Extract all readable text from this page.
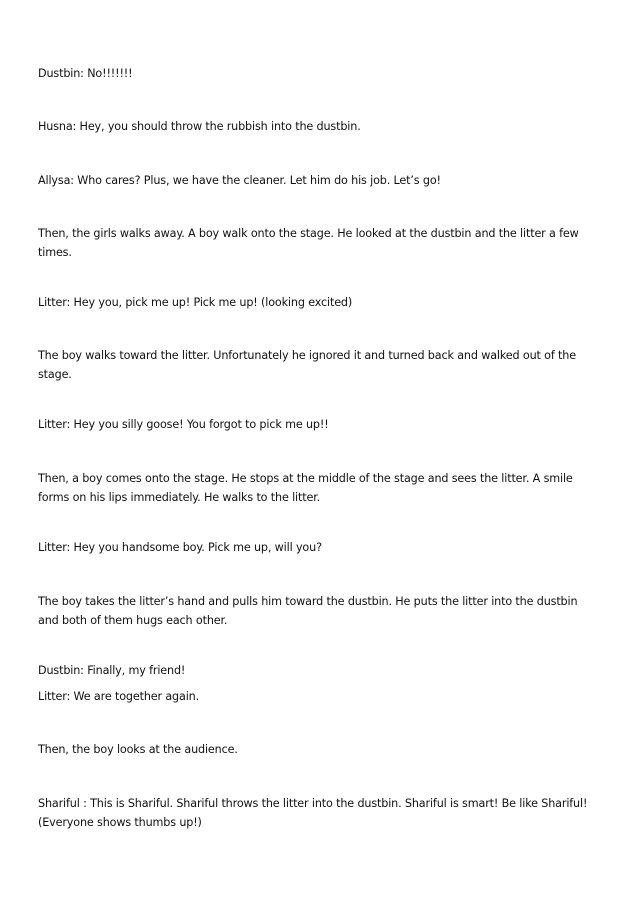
Dustbin: No!!!!!!!

Husna: Hey, you should throw the rubbish into the dustbin.

Allysa: Who cares? Plus, we have the cleaner. Let him do his job. Let’s go!

Then, the girls walks away. A boy walk onto the stage. He looked at the dustbin and the litter a few times.

Litter: Hey you, pick me up! Pick me up! (looking excited)

The boy walks toward the litter. Unfortunately he ignored it and turned back and walked out of the stage.

Litter: Hey you silly goose! You forgot to pick me up!!

Then, a boy comes onto the stage. He stops at the middle of the stage and sees the litter. A smile forms on his lips immediately. He walks to the litter.

Litter: Hey you handsome boy. Pick me up, will you?

The boy takes the litter’s hand and pulls him toward the dustbin. He puts the litter into the dustbin and both of them hugs each other.

Dustbin: Finally, my friend!

Litter: We are together again.

Then, the boy looks at the audience.

Shariful : This is Shariful. Shariful throws the litter into the dustbin. Shariful is smart! Be like Shariful! (Everyone shows thumbs up!)
